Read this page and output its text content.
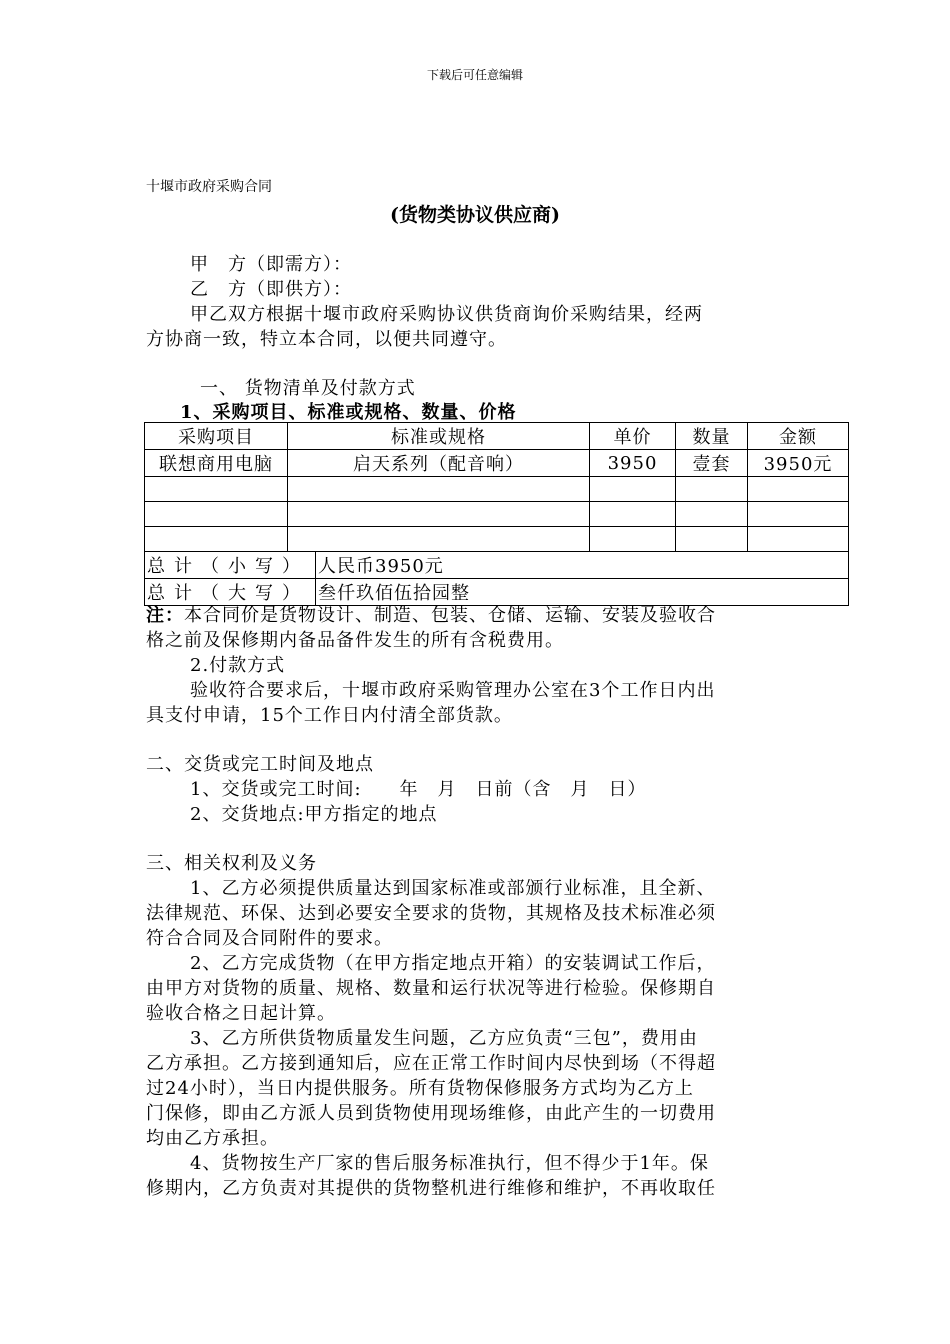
下载后可任意编辑
十堰市政府采购合同
(货物类协议供应商)
甲　方（即需方）：
乙　方（即供方）：
甲乙双方根据十堰市政府采购协议供货商询价采购结果，经两
方协商一致，特立本合同，以便共同遵守。
一、 货物清单及付款方式
1、采购项目、标准或规格、数量、价格
采购项目	标准或规格		单价	数量	金额
联想商用电脑	启天系列（配音响）		3950	壹套	3950元

总计（小写）		人民币3950元			
总计（大写）		叁仟玖佰伍拾园整			
注：本合同价是货物设计、制造、包装、仓储、运输、安装及验收合
格之前及保修期内备品备件发生的所有含税费用。
2.付款方式
验收符合要求后，十堰市政府采购管理办公室在3个工作日内出
具支付申请，15个工作日内付清全部货款。
二、交货或完工时间及地点
1、交货或完工时间:　　年　月　日前（含　月　日）
2、交货地点:甲方指定的地点
三、相关权利及义务
1、乙方必须提供质量达到国家标准或部颁行业标准，且全新、
法律规范、环保、达到必要安全要求的货物，其规格及技术标准必须
符合合同及合同附件的要求。
2、乙方完成货物（在甲方指定地点开箱）的安装调试工作后，
由甲方对货物的质量、规格、数量和运行状况等进行检验。保修期自
验收合格之日起计算。
3、乙方所供货物质量发生问题，乙方应负责“三包”，费用由
乙方承担。乙方接到通知后，应在正常工作时间内尽快到场（不得超
过24小时），当日内提供服务。所有货物保修服务方式均为乙方上
门保修，即由乙方派人员到货物使用现场维修，由此产生的一切费用
均由乙方承担。
4、货物按生产厂家的售后服务标准执行，但不得少于1年。保
修期内，乙方负责对其提供的货物整机进行维修和维护，不再收取任
